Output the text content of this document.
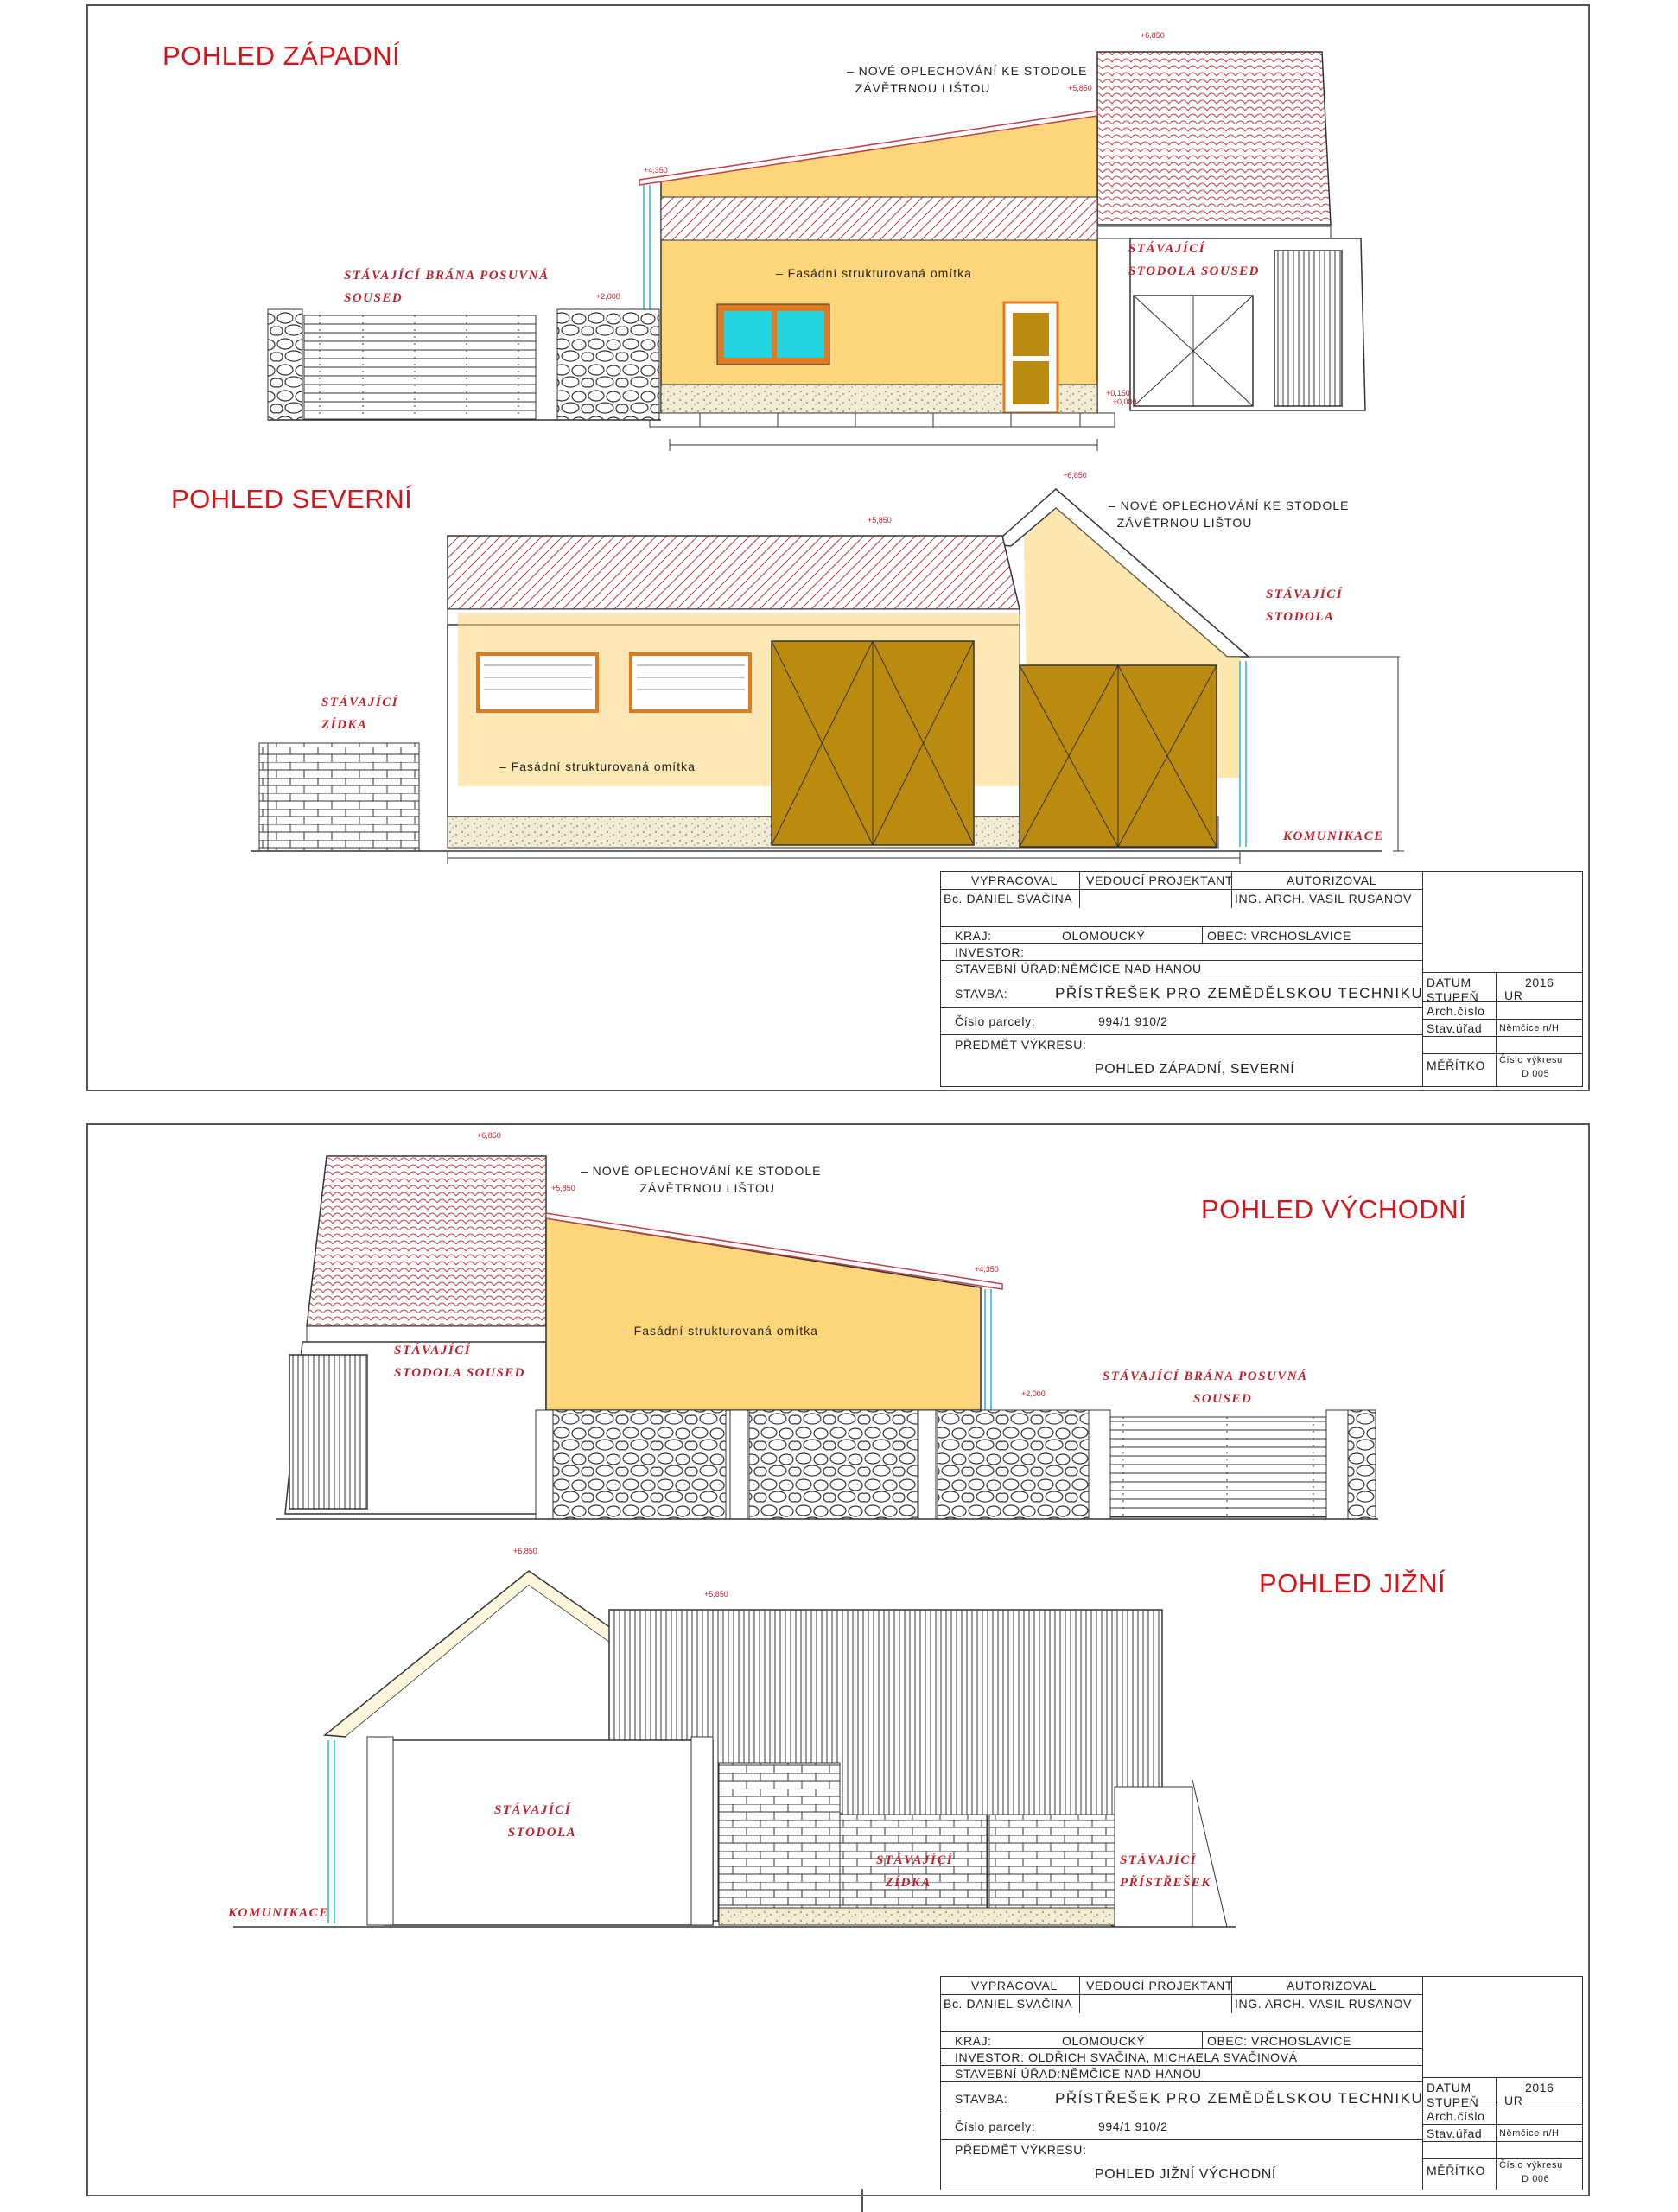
POHLED ZÁPADNÍ
POHLED SEVERNÍ
+6,850
+5,850
+4,350
+2,000
+0,150
±0,000
– NOVÉ OPLECHOVÁNÍ KE STODOLE
ZÁVĚTRNOU LIŠTOU
– Fasádní strukturovaná omítka
STÁVAJÍCÍ BRÁNA POSUVNÁ
SOUSED
STÁVAJÍCÍ
STODOLA SOUSED
+6,850
+5,850
– NOVÉ OPLECHOVÁNÍ KE STODOLE
ZÁVĚTRNOU LIŠTOU
– Fasádní strukturovaná omítka
STÁVAJÍCÍ
STODOLA
STÁVAJÍCÍ
ZÍDKA
KOMUNIKACE
VYPRACOVAL VEDOUCÍ PROJEKTANT	AUTORIZOVAL
Bc. DANIEL SVAČINA	ING. ARCH. VASIL RUSANOV
KRAJ:	OLOMOUCKÝ	OBEC: VRCHOSLAVICE
INVESTOR:
STAVEBNÍ ÚŘAD:NĚMČICE NAD HANOU
STAVBA:	PŘÍSTŘEŠEK PRO ZEMĚDĚLSKOU TECHNIKU
Číslo parcely:	994/1 910/2
PŘEDMĚT VÝKRESU:
POHLED ZÁPADNÍ, SEVERNÍ
DATUM	2016
STUPEŇ UR
Arch.číslo
Stav.úřad Němčice n/H
MĚŘÍTKO Číslo výkresu
D 005
POHLED VÝCHODNÍ
POHLED JIŽNÍ
+6,850
+5,850
+4,350
+2,000
– NOVÉ OPLECHOVÁNÍ KE STODOLE
ZÁVĚTRNOU LIŠTOU
– Fasádní strukturovaná omítka
STÁVAJÍCÍ
STODOLA SOUSED	STÁVAJÍCÍ BRÁNA POSUVNÁ
SOUSED
+6,850
+5,850
STÁVAJÍCÍ
STODOLA
STÁVAJÍCÍ
ZÍDKA
STÁVAJÍCÍ
PŘÍSTŘEŠEK
KOMUNIKACE
VYPRACOVAL VEDOUCÍ PROJEKTANT	AUTORIZOVAL
Bc. DANIEL SVAČINA	ING. ARCH. VASIL RUSANOV
KRAJ:	OLOMOUCKÝ	OBEC: VRCHOSLAVICE
INVESTOR: OLDŘICH SVAČINA, MICHAELA SVAČINOVÁ
STAVEBNÍ ÚŘAD:NĚMČICE NAD HANOU
STAVBA:	PŘÍSTŘEŠEK PRO ZEMĚDĚLSKOU TECHNIKU
Číslo parcely:	994/1 910/2
PŘEDMĚT VÝKRESU:
POHLED JIŽNÍ VÝCHODNÍ
DATUM	2016
STUPEŇ UR
Arch.číslo
Stav.úřad Němčice n/H
MĚŘÍTKO Číslo výkresu
D 006
